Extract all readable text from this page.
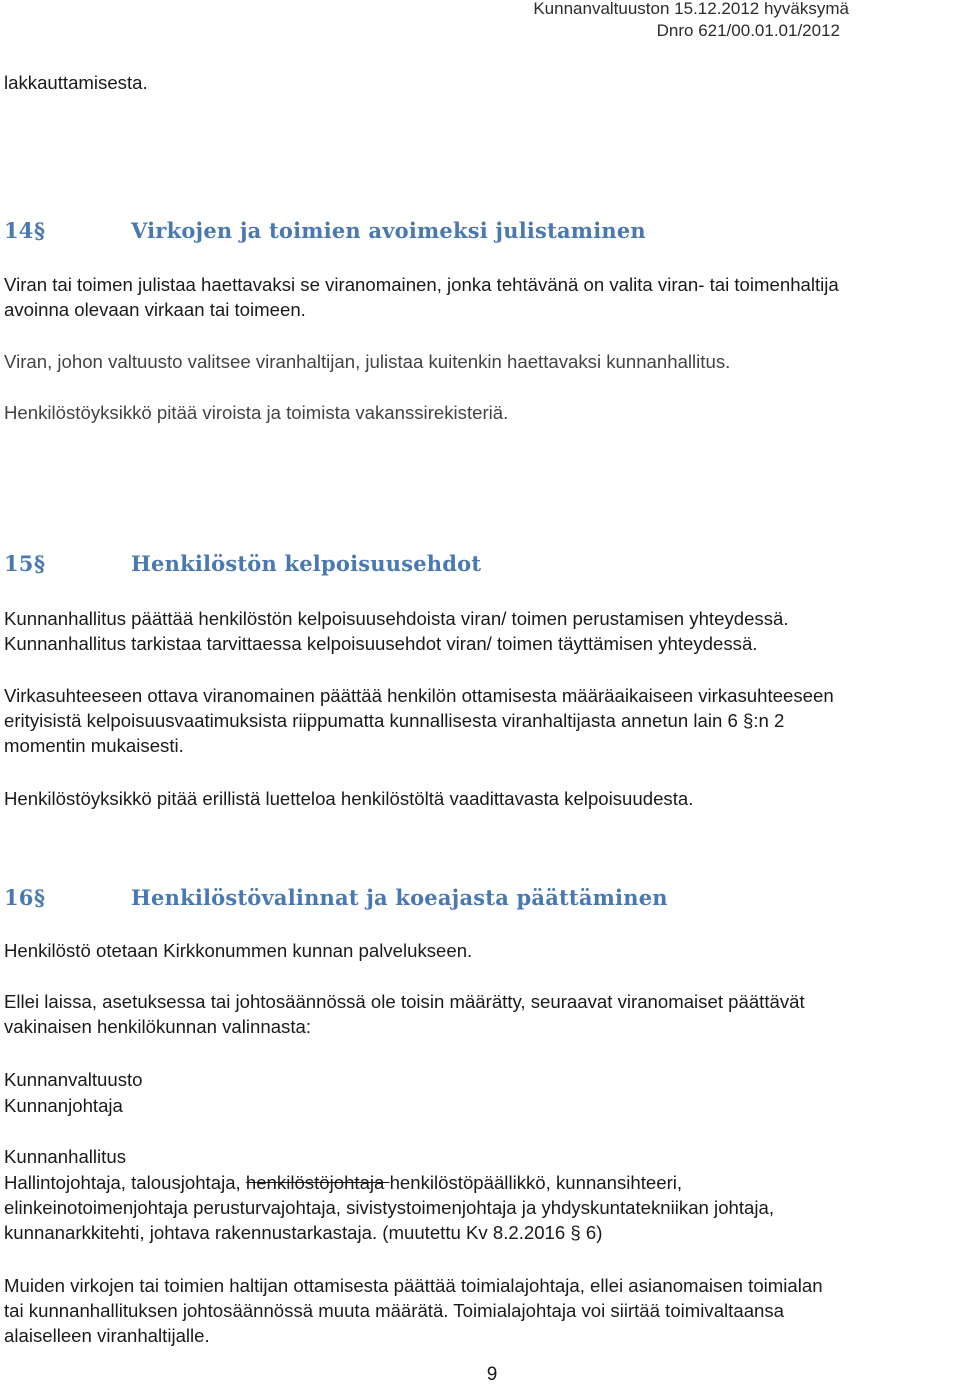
Kunnanvaltuuston 15.12.2012 hyväksymä
Dnro 621/00.01.01/2012

lakkauttamisesta.

14§	Virkojen ja toimien avoimeksi julistaminen

Viran tai toimen julistaa haettavaksi se viranomainen, jonka tehtävänä on valita viran- tai toimenhaltija

avoinna olevaan virkaan tai toimeen.

Viran, johon valtuusto valitsee viranhaltijan, julistaa kuitenkin haettavaksi kunnanhallitus.

Henkilöstöyksikkö pitää viroista ja toimista vakanssirekisteriä.

15§	Henkilöstön kelpoisuusehdot

Kunnanhallitus päättää henkilöstön kelpoisuusehdoista viran/ toimen perustamisen yhteydessä.

Kunnanhallitus tarkistaa tarvittaessa kelpoisuusehdot viran/ toimen täyttämisen yhteydessä.

Virkasuhteeseen ottava viranomainen päättää henkilön ottamisesta määräaikaiseen virkasuhteeseen

erityisistä kelpoisuusvaatimuksista riippumatta kunnallisesta viranhaltijasta annetun lain 6 §:n 2

momentin mukaisesti.

Henkilöstöyksikkö pitää erillistä luetteloa henkilöstöltä vaadittavasta kelpoisuudesta.

16§	Henkilöstövalinnat ja koeajasta päättäminen

Henkilöstö otetaan Kirkkonummen kunnan palvelukseen.

Ellei laissa, asetuksessa tai johtosäännössä ole toisin määrätty, seuraavat viranomaiset päättävät

vakinaisen henkilökunnan valinnasta:

Kunnanvaltuusto

Kunnanjohtaja

Kunnanhallitus

Hallintojohtaja, talousjohtaja, henkilöstöjohtaja henkilöstöpäällikkö, kunnansihteeri,

elinkeinotoimenjohtaja perusturvajohtaja, sivistystoimenjohtaja ja yhdyskuntatekniikan johtaja,

kunnanarkkitehti, johtava rakennustarkastaja. (muutettu Kv 8.2.2016 § 6)

Muiden virkojen tai toimien haltijan ottamisesta päättää toimialajohtaja, ellei asianomaisen toimialan

tai kunnanhallituksen johtosäännössä muuta määrätä. Toimialajohtaja voi siirtää toimivaltaansa

alaiselleen viranhaltijalle.

9
